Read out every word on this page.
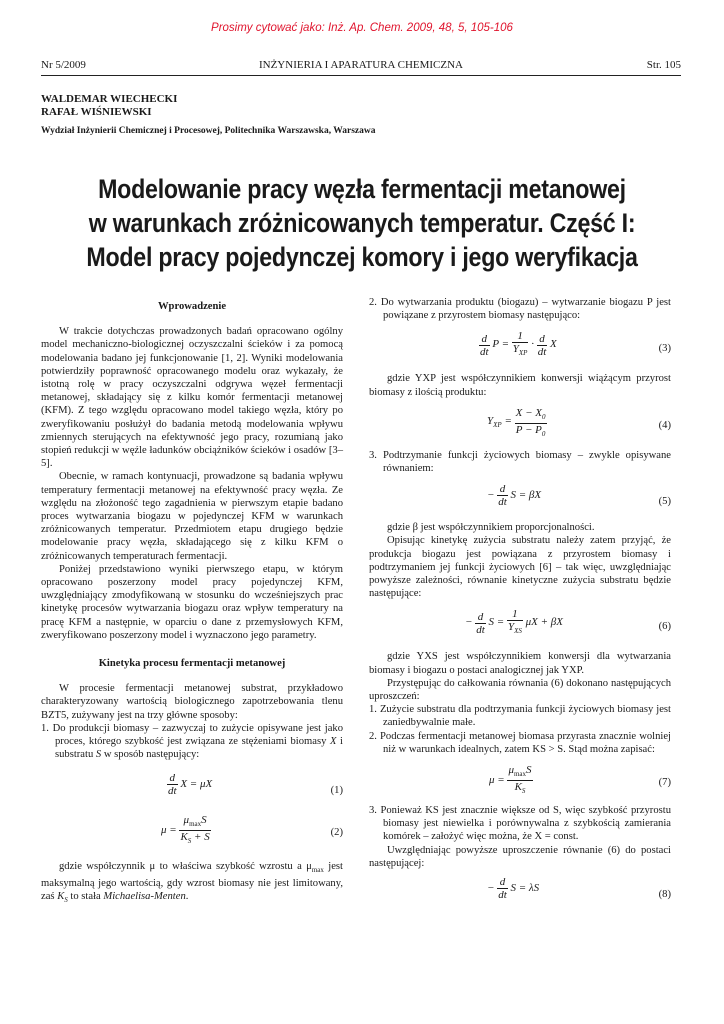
Prosimy cytować jako: Inż. Ap. Chem. 2009, 48, 5, 105-106
Nr 5/2009	INŻYNIERIA I APARATURA CHEMICZNA	Str. 105
WALDEMAR WIECHECKI
RAFAŁ WIŚNIEWSKI
Wydział Inżynierii Chemicznej i Procesowej, Politechnika Warszawska, Warszawa
Modelowanie pracy węzła fermentacji metanowej
w warunkach zróżnicowanych temperatur. Część I:
Model pracy pojedynczej komory i jego weryfikacja

Wprowadzenie

W trakcie dotychczas prowadzonych badań opracowano ogólny model mechaniczno-biologicznej oczyszczalni ścieków i za pomocą modelowania badano jej funkcjonowanie [1, 2]. Wyniki modelowania potwierdziły poprawność opracowanego modelu oraz wykazały, że istotną rolę w pracy oczyszczalni odgrywa węzeł fermentacji metanowej, składający się z kilku komór fermentacji metanowej (KFM). Z tego względu opracowano model takiego węzła, który po zweryfikowaniu posłużył do badania metodą modelowania wpływu zmiennych sterujących na efektywność jego pracy, rozumianą jako stopień redukcji w węźle ładunków obciążników ścieków i osadów [3–5].

Obecnie, w ramach kontynuacji, prowadzone są badania wpływu temperatury fermentacji metanowej na efektywność pracy węzła. Ze względu na złożoność tego zagadnienia w pierwszym etapie badano proces wytwarzania biogazu w pojedynczej KFM w warunkach zróżnicowanych temperatur. Przedmiotem etapu drugiego będzie modelowanie pracy węzła, składającego się z kilku KFM o zróżnicowanych temperaturach fermentacji.

Poniżej przedstawiono wyniki pierwszego etapu, w którym opracowano poszerzony model pracy pojedynczej KFM, uwzględniający zmodyfikowaną w stosunku do wcześniejszych prac kinetykę procesów wytwarzania biogazu oraz wpływ temperatury na pracę KFM a następnie, w oparciu o dane z przemysłowych KFM, zweryfikowano poszerzony model i wyznaczono jego parametry.

Kinetyka procesu fermentacji metanowej

W procesie fermentacji metanowej substrat, przykładowo charakteryzowany wartością biologicznego zapotrzebowania tlenu BZT5, zużywany jest na trzy główne sposoby:

1. Do produkcji biomasy – zazwyczaj to zużycie opisywane jest jako proces, którego szybkość jest związana ze stężeniami biomasy X i substratu S w sposób następujący:

$\frac{d}{dt}$ X = μX
(1)
$\mu = \frac{\mu_{max}S}{K_S + S}$	(2)

gdzie współczynnik μ to właściwa szybkość wzrostu a $\mu_{max}$ jest maksymalną jego wartością, gdy wzrost biomasy nie jest limitowany, zaś $K_S$ to stała Michaelisa-Menten.

2. Do wytwarzania produktu (biogazu) – wytwarzanie biogazu P jest powiązane z przyrostem biomasy następująco:

$\frac{d}{dt}$ $P = \frac{1}{Y_{XP}} \cdot \frac{d}{dt}$ X	(3)

gdzie YXP jest współczynnikiem konwersji wiążącym przyrost biomasy z ilością produktu:

$Y_{XP} = \frac{X - X_0}{P - P_0}$	(4)

3. Podtrzymanie funkcji życiowych biomasy – zwykle opisywane równaniem:

− $\frac{d}{dt}$ S = βX
(5)

gdzie β jest współczynnikiem proporcjonalności.

Opisując kinetykę zużycia substratu należy zatem przyjąć, że produkcja biogazu jest powiązana z przyrostem biomasy i podtrzymaniem jej funkcji życiowych [6] – tak więc, uwzględniając powyższe zależności, równanie kinetyczne zużycia substratu będzie następujące:

− $\frac{d}{dt}$ $S = \frac{1}{Y_{XS}}$ μX + βX	(6)

gdzie YXS jest współczynnikiem konwersji dla wytwarzania biomasy i biogazu o postaci analogicznej jak YXP.

Przystępując do całkowania równania (6) dokonano następujących uproszczeń:

1. Zużycie substratu dla podtrzymania funkcji życiowych biomasy jest zaniedbywalnie małe.

2. Podczas fermentacji metanowej biomasa przyrasta znacznie wolniej niż w warunkach idealnych, zatem KS > S. Stąd można zapisać:

$\mu = \frac{\mu_{max}S}{K_S}$	(7)

3. Ponieważ KS jest znacznie większe od S, więc szybkość przyrostu biomasy jest niewielka i porównywalna z szybkością zamierania komórek – założyć więc można, że X = const.

Uwzględniając powyższe uproszczenie równanie (6) do postaci następującej:

− $\frac{d}{dt}$ S = λS
(8)
